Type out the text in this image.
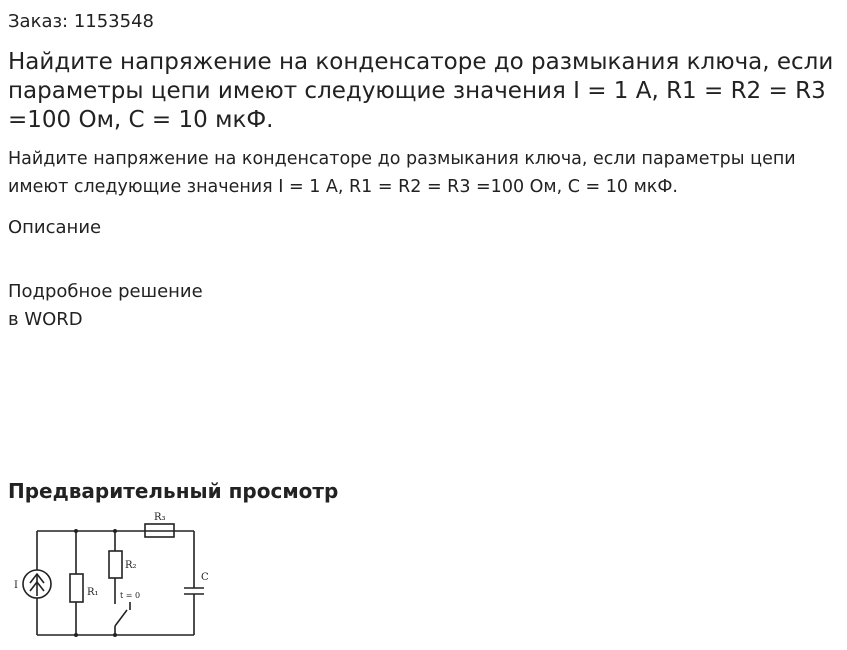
Заказ: 1153548
Найдите напряжение на конденсаторе до размыкания ключа, если параметры цепи имеют следующие значения I = 1 А, R1 = R2 = R3 =100 Ом, C = 10 мкФ.

Найдите напряжение на конденсаторе до размыкания ключа, если параметры цепи имеют следующие значения I = 1 А, R1 = R2 = R3 =100 Ом, C = 10 мкФ.

Описание
Подробное решение
в WORD
Предварительный просмотр
I
R₁
R₂
R₃
C
t = 0
